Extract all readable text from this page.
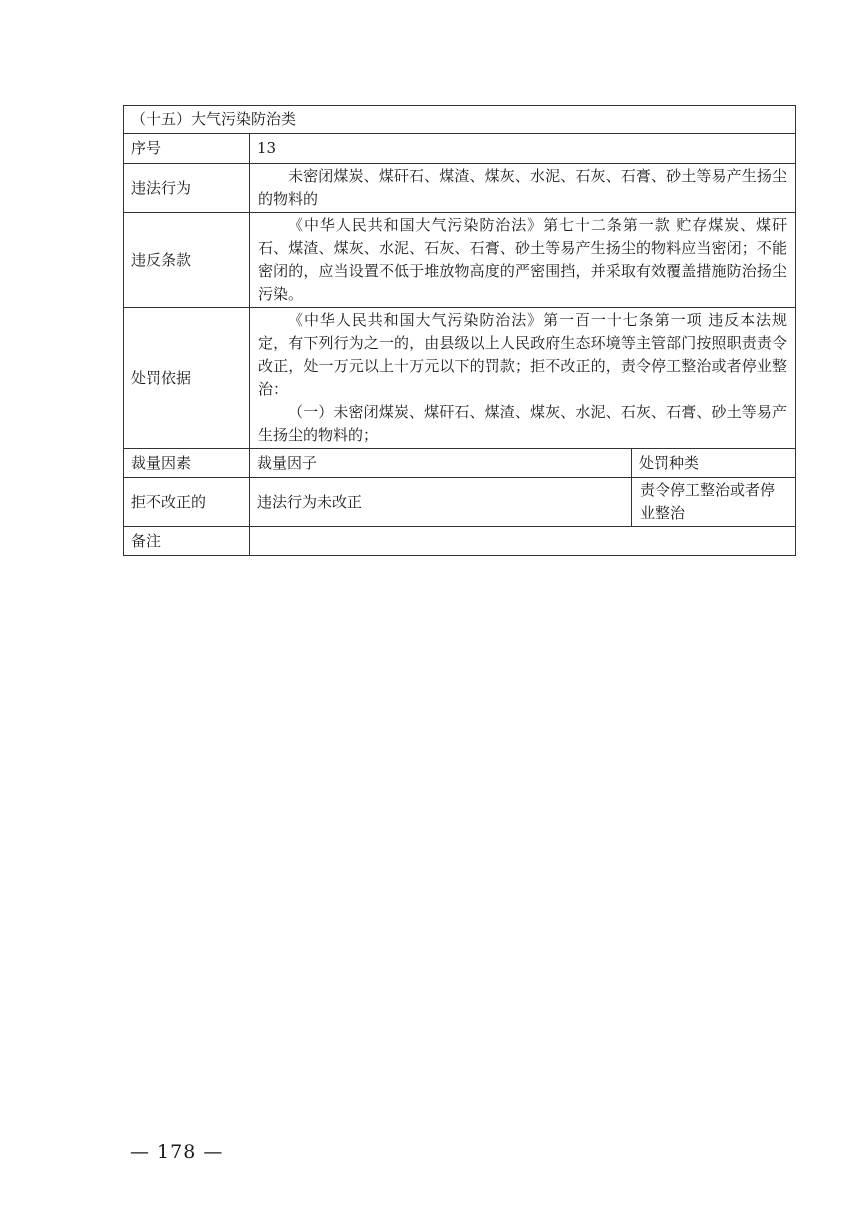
（十五）大气污染防治类		
序号	13	
违法行为	未密闭煤炭、煤矸石、煤渣、煤灰、水泥、石灰、石膏、砂土等易产生扬尘的物料的	

违反条款	《中华人民共和国大气污染防治法》第七十二条第一款 贮存煤炭、煤矸石、煤渣、煤灰、水泥、石灰、石膏、砂土等易产生扬尘的物料应当密闭；不能密闭的，应当设置不低于堆放物高度的严密围挡，并采取有效覆盖措施防治扬尘污染。	

处罚依据	《中华人民共和国大气污染防治法》第一百一十七条第一项 违反本法规定，有下列行为之一的，由县级以上人民政府生态环境等主管部门按照职责责令改正，处一万元以上十万元以下的罚款；拒不改正的，责令停工整治或者停业整治：

（一）未密闭煤炭、煤矸石、煤渣、煤灰、水泥、石灰、石膏、砂土等易产生扬尘的物料的；	

裁量因素	裁量因子	处罚种类
拒不改正的	违法行为未改正	责令停工整治或者停业整治
备注		
— 178 —
